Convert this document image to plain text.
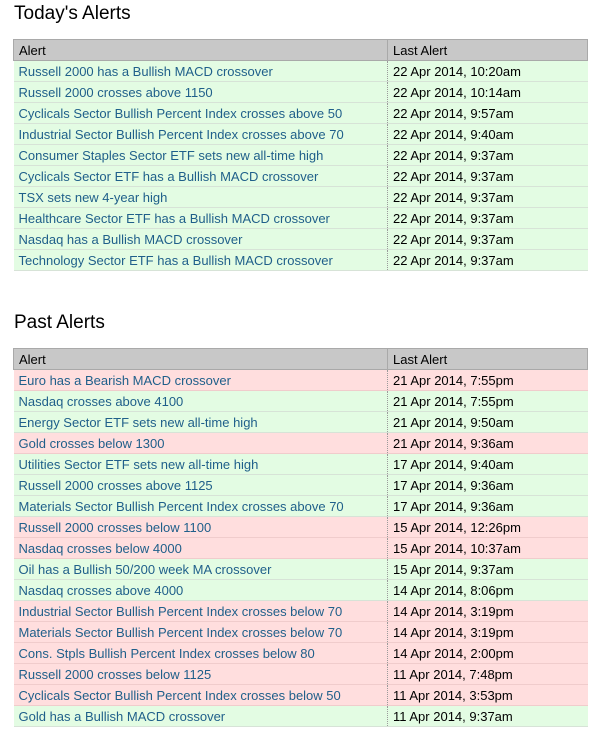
Today's Alerts
Alert	Last Alert
Russell 2000 has a Bullish MACD crossover	22 Apr 2014, 10:20am
Russell 2000 crosses above 1150	22 Apr 2014, 10:14am
Cyclicals Sector Bullish Percent Index crosses above 50	22 Apr 2014, 9:57am
Industrial Sector Bullish Percent Index crosses above 70	22 Apr 2014, 9:40am
Consumer Staples Sector ETF sets new all-time high	22 Apr 2014, 9:37am
Cyclicals Sector ETF has a Bullish MACD crossover	22 Apr 2014, 9:37am
TSX sets new 4-year high	22 Apr 2014, 9:37am
Healthcare Sector ETF has a Bullish MACD crossover	22 Apr 2014, 9:37am
Nasdaq has a Bullish MACD crossover	22 Apr 2014, 9:37am
Technology Sector ETF has a Bullish MACD crossover	22 Apr 2014, 9:37am
Past Alerts
Alert	Last Alert
Euro has a Bearish MACD crossover	21 Apr 2014, 7:55pm
Nasdaq crosses above 4100	21 Apr 2014, 7:55pm
Energy Sector ETF sets new all-time high	21 Apr 2014, 9:50am
Gold crosses below 1300	21 Apr 2014, 9:36am
Utilities Sector ETF sets new all-time high	17 Apr 2014, 9:40am
Russell 2000 crosses above 1125	17 Apr 2014, 9:36am
Materials Sector Bullish Percent Index crosses above 70	17 Apr 2014, 9:36am
Russell 2000 crosses below 1100	15 Apr 2014, 12:26pm
Nasdaq crosses below 4000	15 Apr 2014, 10:37am
Oil has a Bullish 50/200 week MA crossover	15 Apr 2014, 9:37am
Nasdaq crosses above 4000	14 Apr 2014, 8:06pm
Industrial Sector Bullish Percent Index crosses below 70	14 Apr 2014, 3:19pm
Materials Sector Bullish Percent Index crosses below 70	14 Apr 2014, 3:19pm
Cons. Stpls Bullish Percent Index crosses below 80	14 Apr 2014, 2:00pm
Russell 2000 crosses below 1125	11 Apr 2014, 7:48pm
Cyclicals Sector Bullish Percent Index crosses below 50	11 Apr 2014, 3:53pm
Gold has a Bullish MACD crossover	11 Apr 2014, 9:37am
